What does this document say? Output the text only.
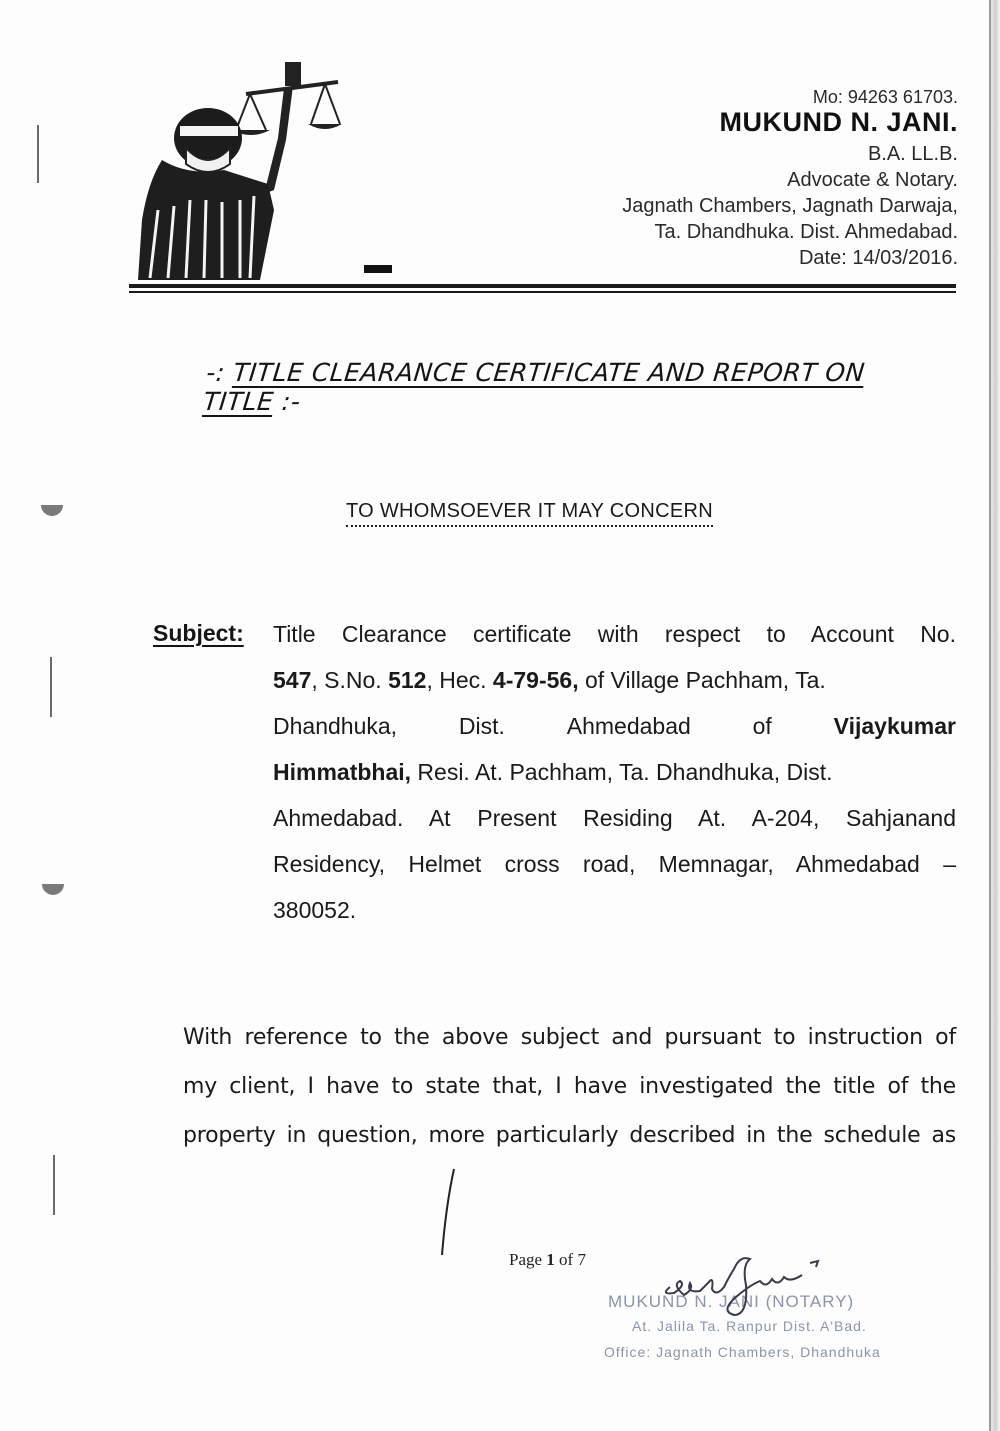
Mo: 94263 61703.
MUKUND N. JANI.
B.A. LL.B.
Advocate & Notary.
Jagnath Chambers, Jagnath Darwaja,
Ta. Dhandhuka. Dist. Ahmedabad.
Date: 14/03/2016.
-: TITLE CLEARANCE CERTIFICATE AND REPORT ON TITLE :-
TO WHOMSOEVER IT MAY CONCERN
Subject: Title Clearance certificate with respect to Account No.
547, S.No. 512, Hec. 4-79-56, of Village Pachham, Ta.
Dhandhuka,	Dist.	Ahmedabad	of	Vijaykumar
Himmatbhai, Resi. At. Pachham, Ta. Dhandhuka, Dist.
Ahmedabad. At Present Residing At. A-204, Sahjanand
Residency, Helmet cross road, Memnagar, Ahmedabad –
380052.
With reference to the above subject and pursuant to instruction of
my client, I have to state that, I have investigated the title of the
property in question, more particularly described in the schedule as
Page 1 of 7
MUKUND N. JANI (NOTARY)
At. Jalila Ta. Ranpur Dist. A'Bad.
Office: Jagnath Chambers, Dhandhuka
